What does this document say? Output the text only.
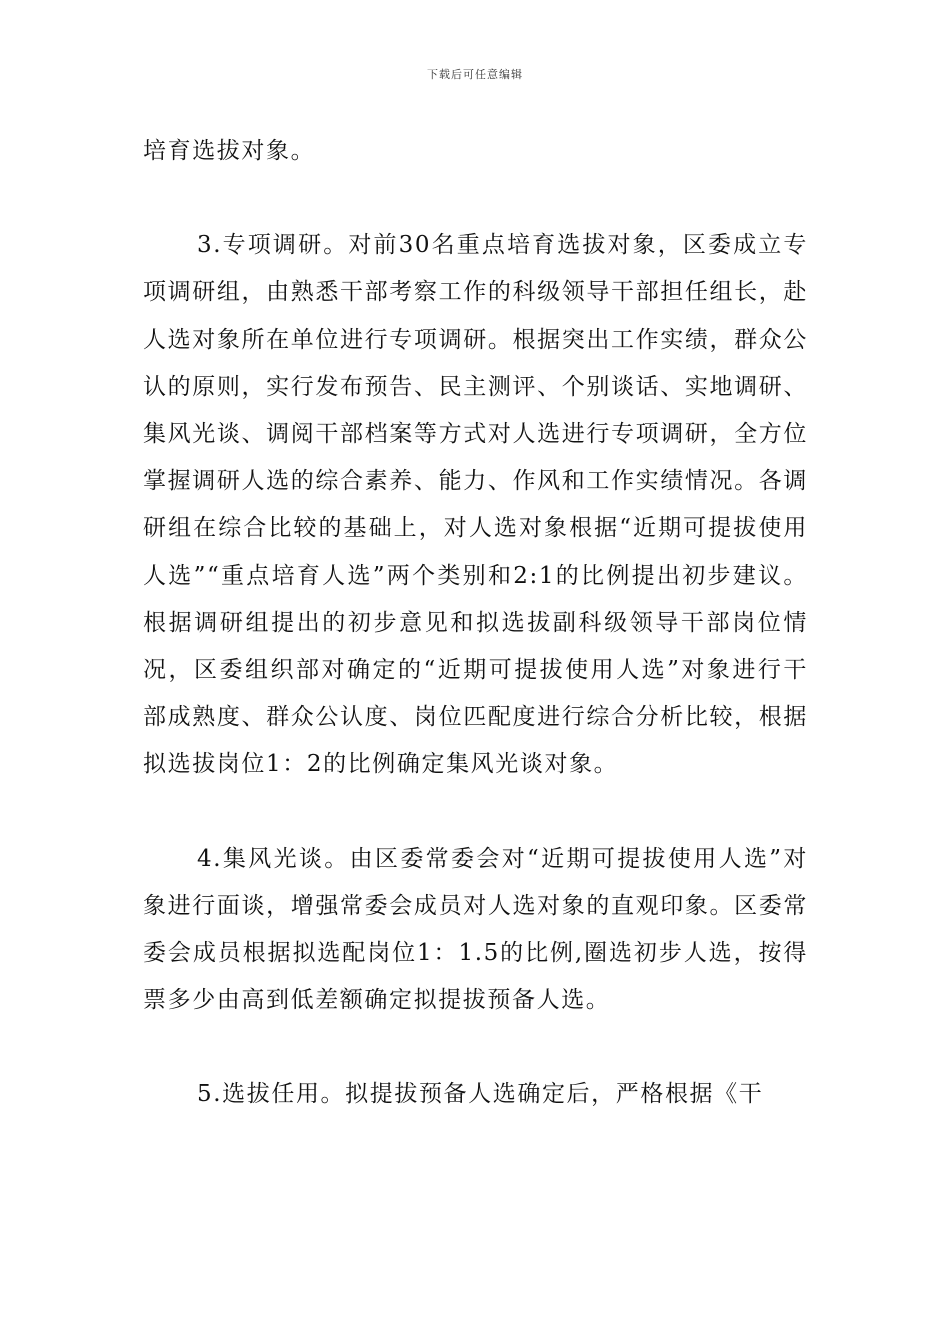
下载后可任意编辑

培育选拔对象。

3.专项调研。对前30名重点培育选拔对象，区委成立专项调研组，由熟悉干部考察工作的科级领导干部担任组长，赴人选对象所在单位进行专项调研。根据突出工作实绩，群众公认的原则，实行发布预告、民主测评、个别谈话、实地调研、集风光谈、调阅干部档案等方式对人选进行专项调研，全方位掌握调研人选的综合素养、能力、作风和工作实绩情况。各调研组在综合比较的基础上，对人选对象根据“近期可提拔使用人选”“重点培育人选”两个类别和2:1的比例提出初步建议。根据调研组提出的初步意见和拟选拔副科级领导干部岗位情况，区委组织部对确定的“近期可提拔使用人选”对象进行干部成熟度、群众公认度、岗位匹配度进行综合分析比较，根据拟选拔岗位1：2的比例确定集风光谈对象。

4.集风光谈。由区委常委会对“近期可提拔使用人选”对象进行面谈，增强常委会成员对人选对象的直观印象。区委常委会成员根据拟选配岗位1：1.5的比例,圈选初步人选，按得票多少由高到低差额确定拟提拔预备人选。

5.选拔任用。拟提拔预备人选确定后，严格根据《干
